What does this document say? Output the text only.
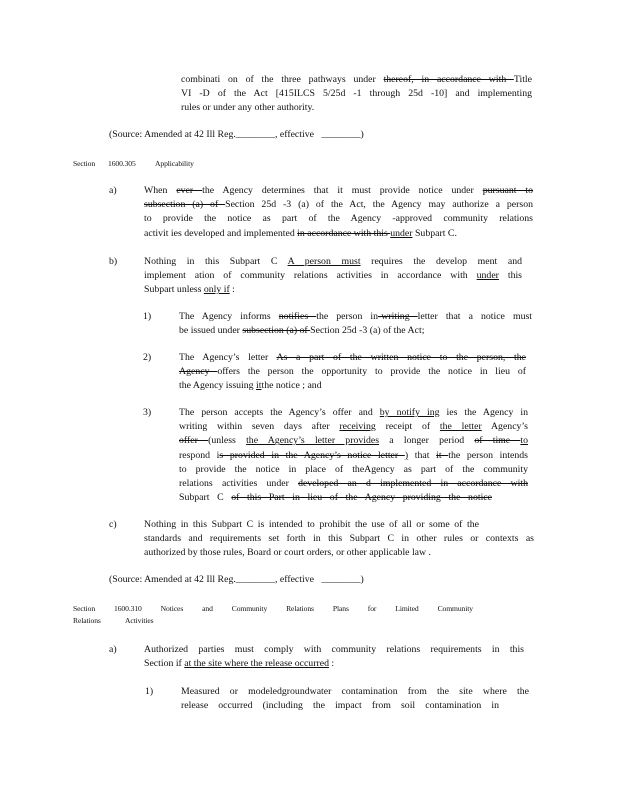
combinati on of the three pathways under thereof, in accordance with Title
VI -D of the Act [415ILCS 5/25d -1 through 25d -10] and implementing
rules or under any other authority.
(Source: Amended at 42 Ill Reg.________, effective ________)
Section 1600.305	Applicability
a)	When ever the Agency determines that it must provide notice under pursuant to
subsection (a) of Section 25d -3 (a) of the Act, the Agency may authorize a person
to provide the notice as part of the Agency -approved community relations
activit ies developed and implemented in accordance with this under Subpart C.
b)	Nothing in this Subpart C A person must requires the develop ment and
implement ation of community relations activities in accordance with under this
Subpart unless only if :
1)	The Agency informs notifies the person in-writing letter that a notice must
be issued under subsection (a) of Section 25d -3 (a) of the Act;
2)	The Agency’s letter As a part of the written notice to the person, the
Agency offers the person the opportunity to provide the notice in lieu of
the Agency issuing itthe notice ; and
3)	The person accepts the Agency’s offer and by notify ing ies the Agency in
writing within seven days after receiving receipt of the letter Agency’s
offer (unless the Agency’s letter provides a longer period of time to
respond is provided in the Agency’s notice letter ) that it the person intends
to provide the notice in place of theAgency as part of the community
relations activities under developed an d implemented in accordance with
Subpart C of this Part in lieu of the Agency providing the notice
c)	Nothing in this Subpart C is intended to prohibit the use of all or some of the
standards and requirements set forth in this Subpart C in other rules or contexts as
authorized by those rules, Board or court orders, or other applicable law .
(Source: Amended at 42 Ill Reg.________, effective ________)
Section 1600.310 Notices and Community Relations Plans for Limited Community
Relations	Activities
a)	Authorized parties must comply with community relations requirements in this
Section if at the site where the release occurred :
1)	Measured or modeledgroundwater contamination from the site where the
release occurred (including the impact from soil contamination in
